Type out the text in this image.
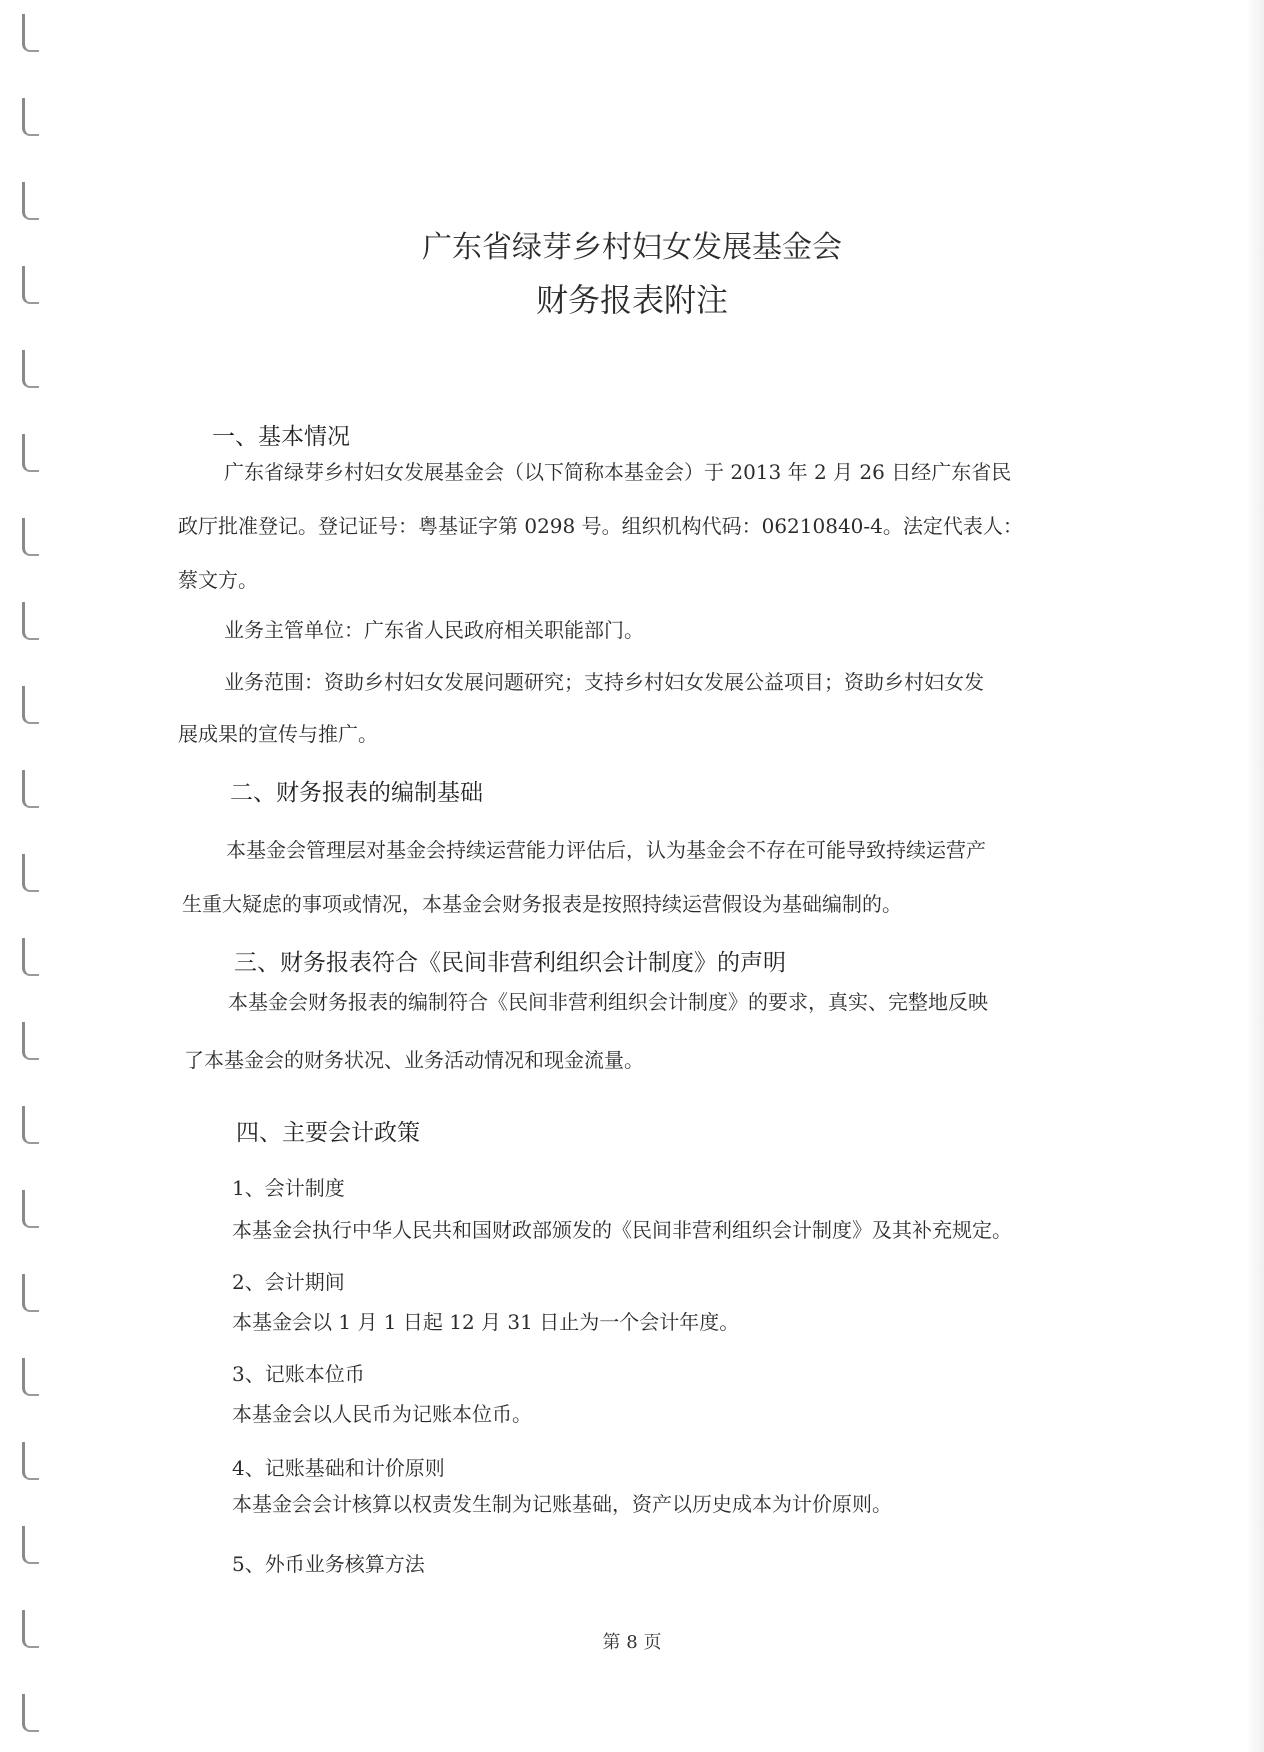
广东省绿芽乡村妇女发展基金会
财务报表附注
一、基本情况
广东省绿芽乡村妇女发展基金会（以下简称本基金会）于 2013 年 2 月 26 日经广东省民
政厅批准登记。登记证号：粤基证字第 0298 号。组织机构代码：06210840-4。法定代表人：
蔡文方。
业务主管单位：广东省人民政府相关职能部门。
业务范围：资助乡村妇女发展问题研究；支持乡村妇女发展公益项目；资助乡村妇女发
展成果的宣传与推广。
二、财务报表的编制基础
本基金会管理层对基金会持续运营能力评估后，认为基金会不存在可能导致持续运营产
生重大疑虑的事项或情况，本基金会财务报表是按照持续运营假设为基础编制的。
三、财务报表符合《民间非营利组织会计制度》的声明
本基金会财务报表的编制符合《民间非营利组织会计制度》的要求，真实、完整地反映
了本基金会的财务状况、业务活动情况和现金流量。
四、主要会计政策
1、会计制度
本基金会执行中华人民共和国财政部颁发的《民间非营利组织会计制度》及其补充规定。
2、会计期间
本基金会以 1 月 1 日起 12 月 31 日止为一个会计年度。
3、记账本位币
本基金会以人民币为记账本位币。
4、记账基础和计价原则
本基金会会计核算以权责发生制为记账基础，资产以历史成本为计价原则。
5、外币业务核算方法
第 8 页
